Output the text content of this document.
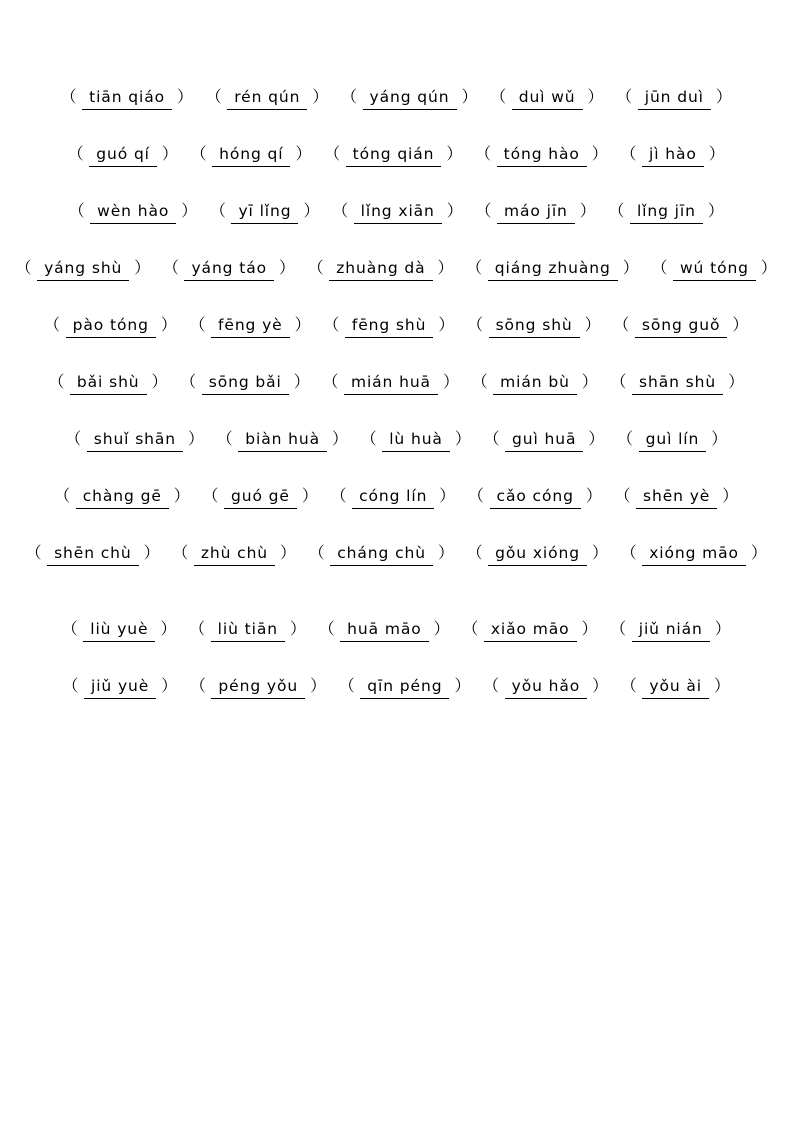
（ tiān qiáo ） （ rén qún ） （ yáng qún ） （ duì wǔ ） （ jūn duì ）
（ guó qí ） （ hóng qí ） （ tóng qián ） （ tóng hào ） （ jì hào ）
（ wèn hào ） （ yī lǐng ） （ lǐng xiān ） （ máo jīn ） （ lǐng jīn ）
（ yáng shù ） （ yáng táo ） （ zhuàng dà ） （ qiáng zhuàng ） （ wú tóng ）
（ pào tóng ） （ fēng yè ） （ fēng shù ） （ sōng shù ） （ sōng guǒ ）
（ bǎi shù ） （ sōng bǎi ） （ mián huā ） （ mián bù ） （ shān shù ）
（ shuǐ shān ） （ biàn huà ） （ lù huà ） （ guì huā ） （ guì lín ）
（ chàng gē ） （ guó gē ） （ cóng lín ） （ cǎo cóng ） （ shēn yè ）
（ shēn chù ） （ zhù chù ） （ cháng chù ） （ gǒu xióng ） （ xióng māo ）
（ liù yuè ） （ liù tiān ） （ huā māo ） （ xiǎo māo ） （ jiǔ nián ）
（ jiǔ yuè ） （ péng yǒu ） （ qīn péng ） （ yǒu hǎo ） （ yǒu ài ）
